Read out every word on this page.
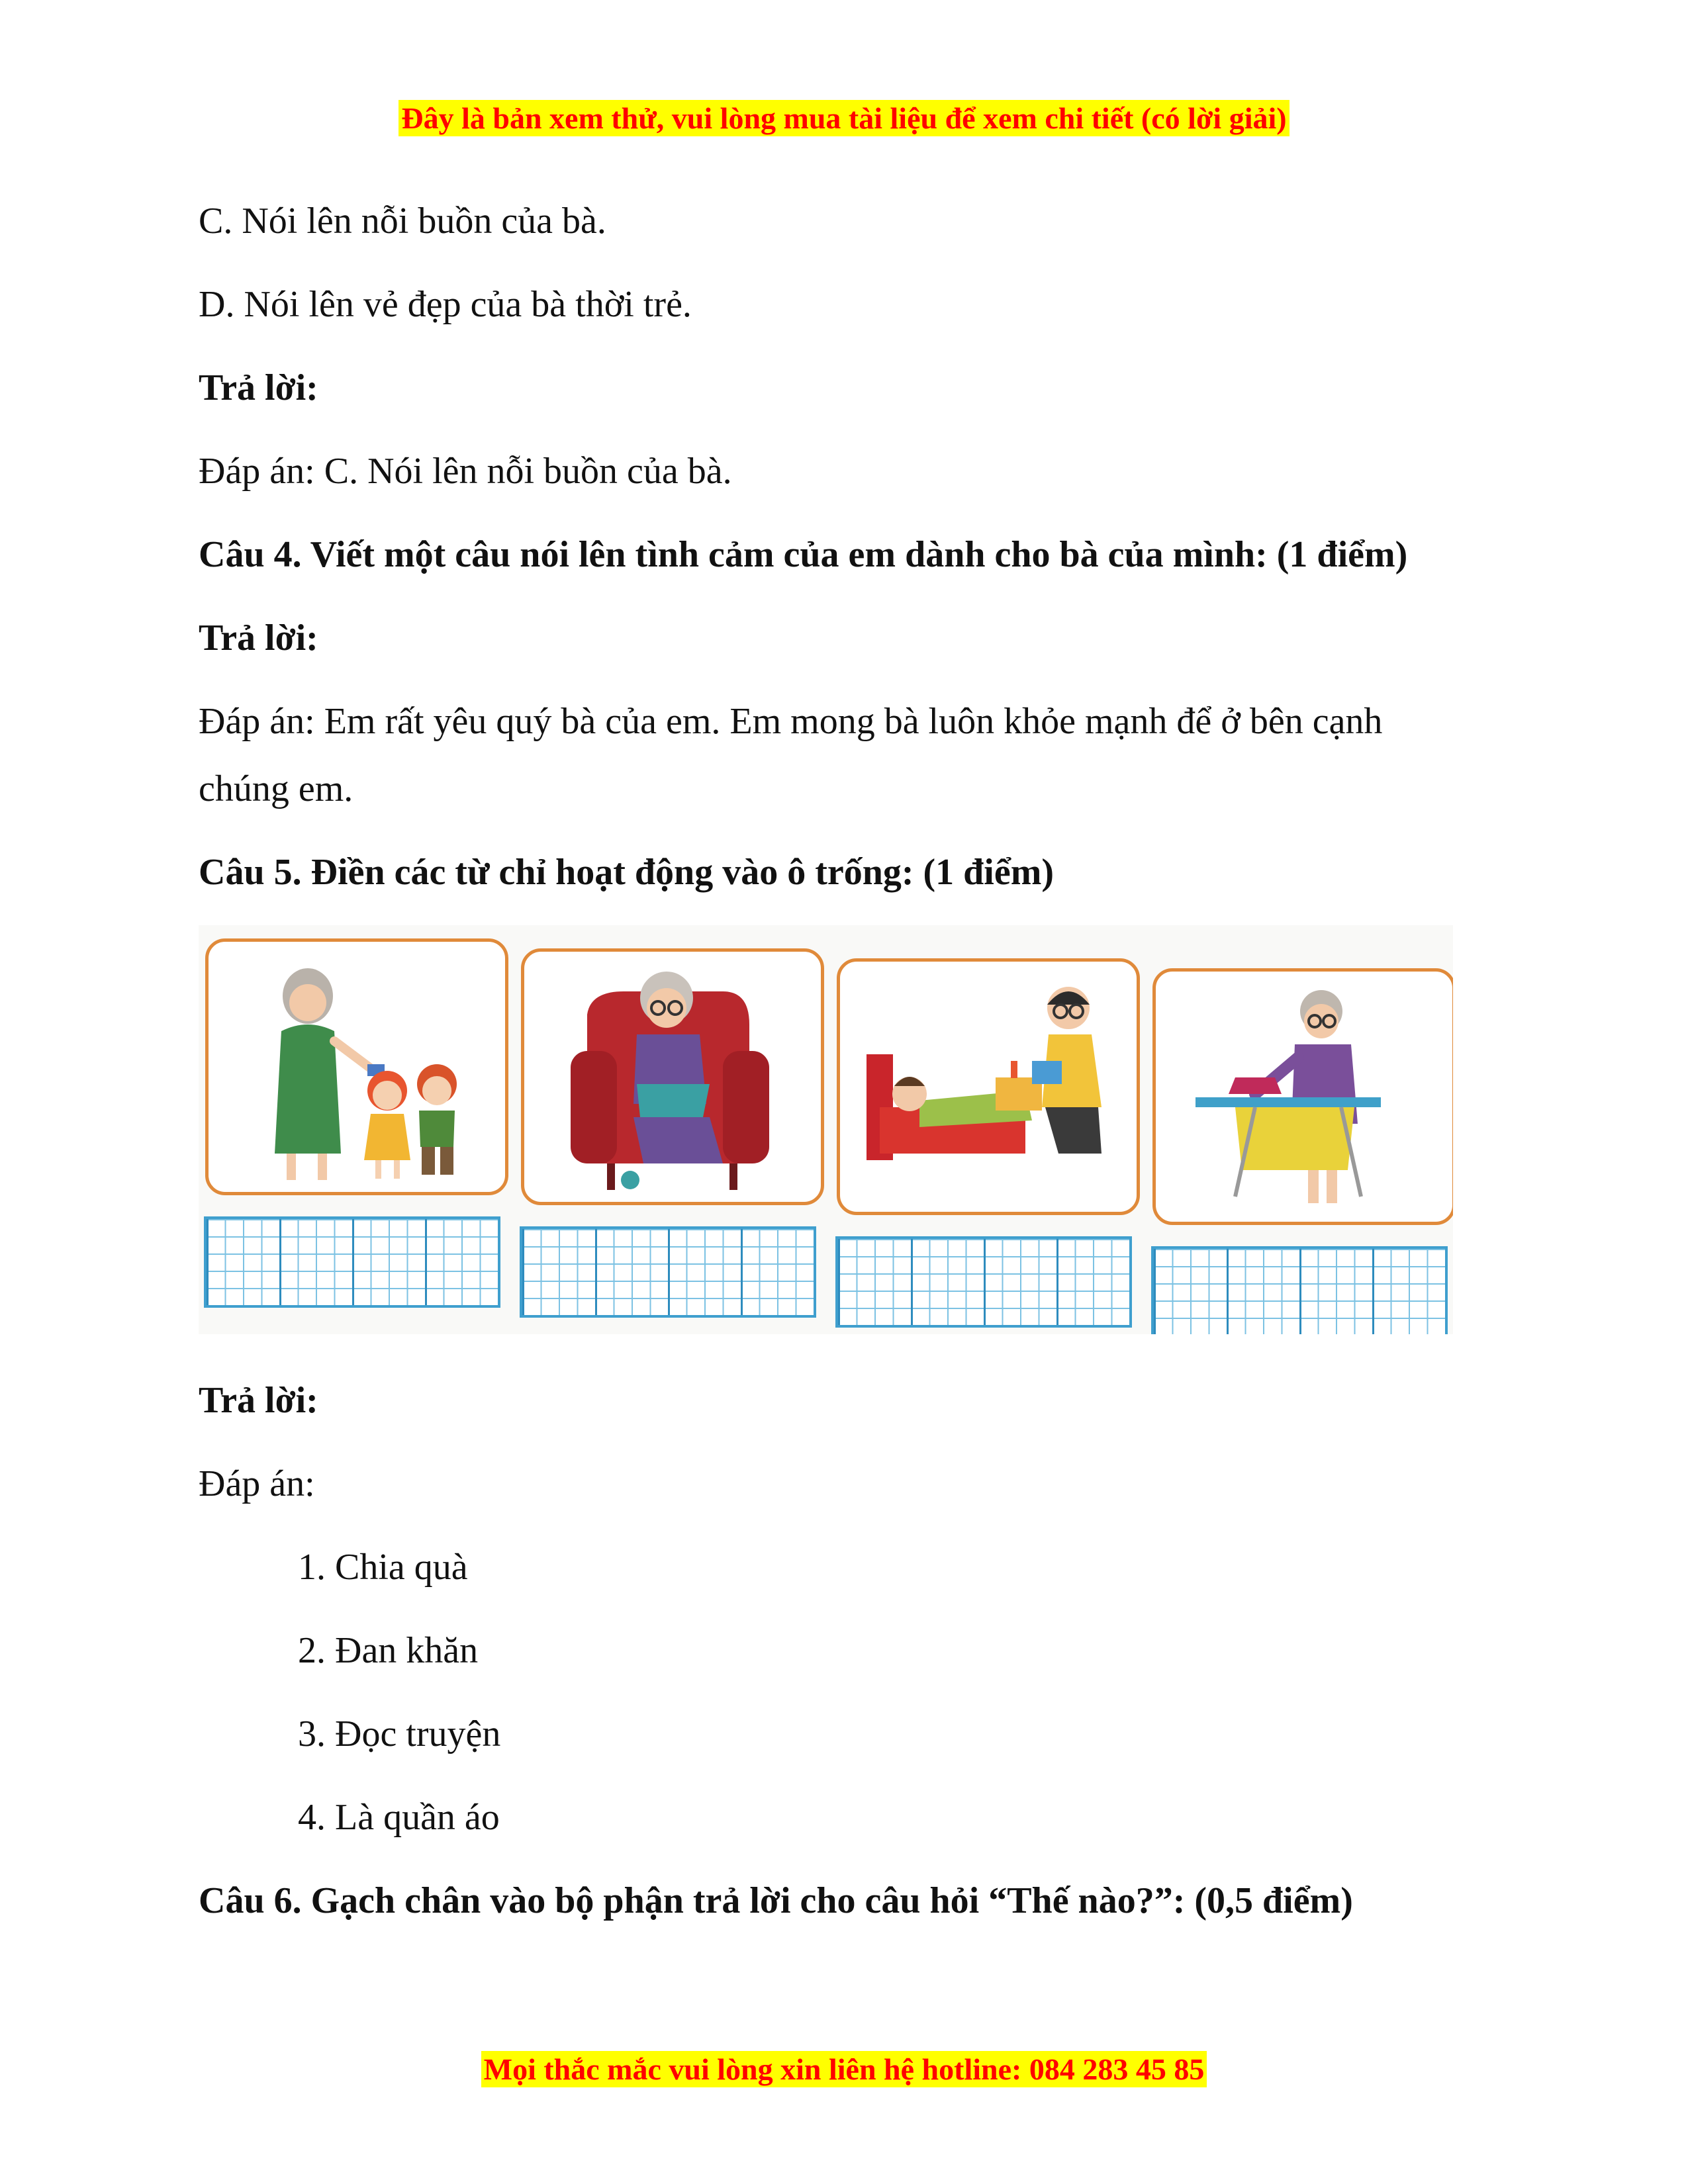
Đây là bản xem thử, vui lòng mua tài liệu để xem chi tiết (có lời giải)
C. Nói lên nỗi buồn của bà.
D. Nói lên vẻ đẹp của bà thời trẻ.
Trả lời:
Đáp án: C. Nói lên nỗi buồn của bà.
Câu 4. Viết một câu nói lên tình cảm của em dành cho bà của mình: (1 điểm)
Trả lời:
Đáp án: Em rất yêu quý bà của em. Em mong bà luôn khỏe mạnh để ở bên cạnh
chúng em.
Câu 5. Điền các từ chỉ hoạt động vào ô trống: (1 điểm)
Trả lời:
Đáp án:
1. Chia quà
2. Đan khăn
3. Đọc truyện
4. Là quần áo
Câu 6. Gạch chân vào bộ phận trả lời cho câu hỏi “Thế nào?”: (0,5 điểm)
Mọi thắc mắc vui lòng xin liên hệ hotline: 084 283 45 85
